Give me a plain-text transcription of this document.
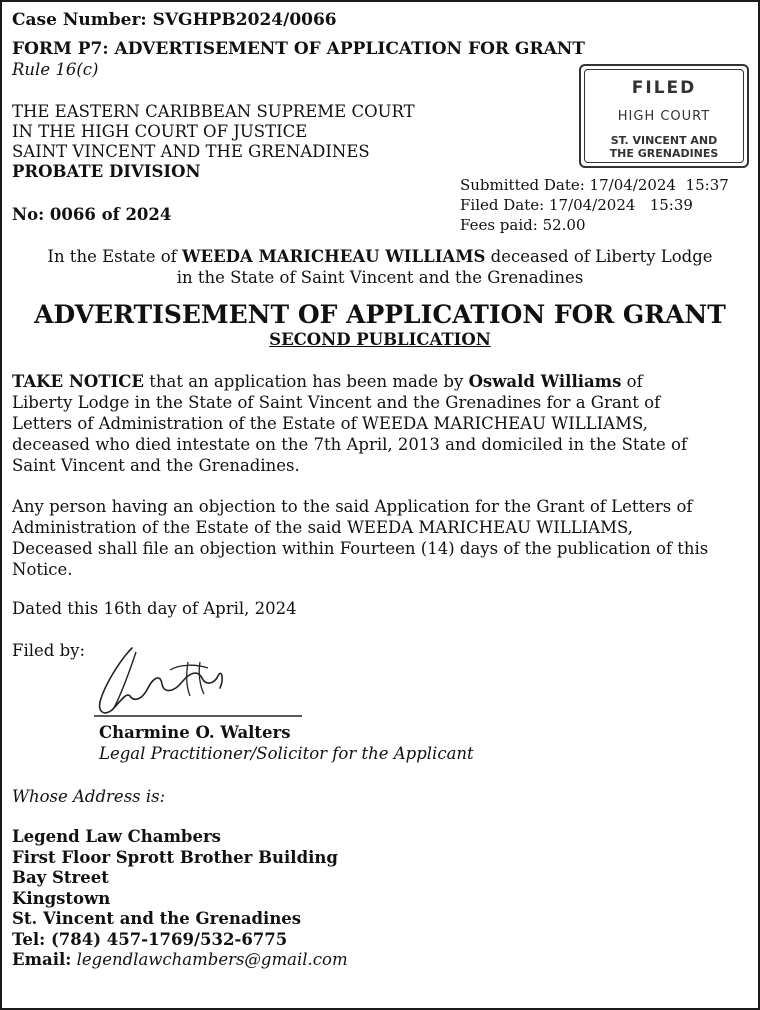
Case Number: SVGHPB2024/0066
FORM P7: ADVERTISEMENT OF APPLICATION FOR GRANT
Rule 16(c)
FILED
HIGH COURT
ST. VINCENT AND
THE GRENADINES
THE EASTERN CARIBBEAN SUPREME COURT
IN THE HIGH COURT OF JUSTICE
SAINT VINCENT AND THE GRENADINES
PROBATE DIVISION
No: 0066 of 2024
Submitted Date: 17/04/2024  15:37
Filed Date: 17/04/2024   15:39
Fees paid: 52.00
In the Estate of WEEDA MARICHEAU WILLIAMS deceased of Liberty Lodge
in the State of Saint Vincent and the Grenadines
ADVERTISEMENT OF APPLICATION FOR GRANT
SECOND PUBLICATION
TAKE NOTICE that an application has been made by Oswald Williams of
Liberty Lodge in the State of Saint Vincent and the Grenadines for a Grant of
Letters of Administration of the Estate of WEEDA MARICHEAU WILLIAMS,
deceased who died intestate on the 7th April, 2013 and domiciled in the State of
Saint Vincent and the Grenadines.
Any person having an objection to the said Application for the Grant of Letters of
Administration of the Estate of the said WEEDA MARICHEAU WILLIAMS,
Deceased shall file an objection within Fourteen (14) days of the publication of this
Notice.
Dated this 16th day of April, 2024
Filed by:
Charmine O. Walters
Legal Practitioner/Solicitor for the Applicant
Whose Address is:
Legend Law Chambers
First Floor Sprott Brother Building
Bay Street
Kingstown
St. Vincent and the Grenadines
Tel: (784) 457-1769/532-6775
Email: legendlawchambers@gmail.com
